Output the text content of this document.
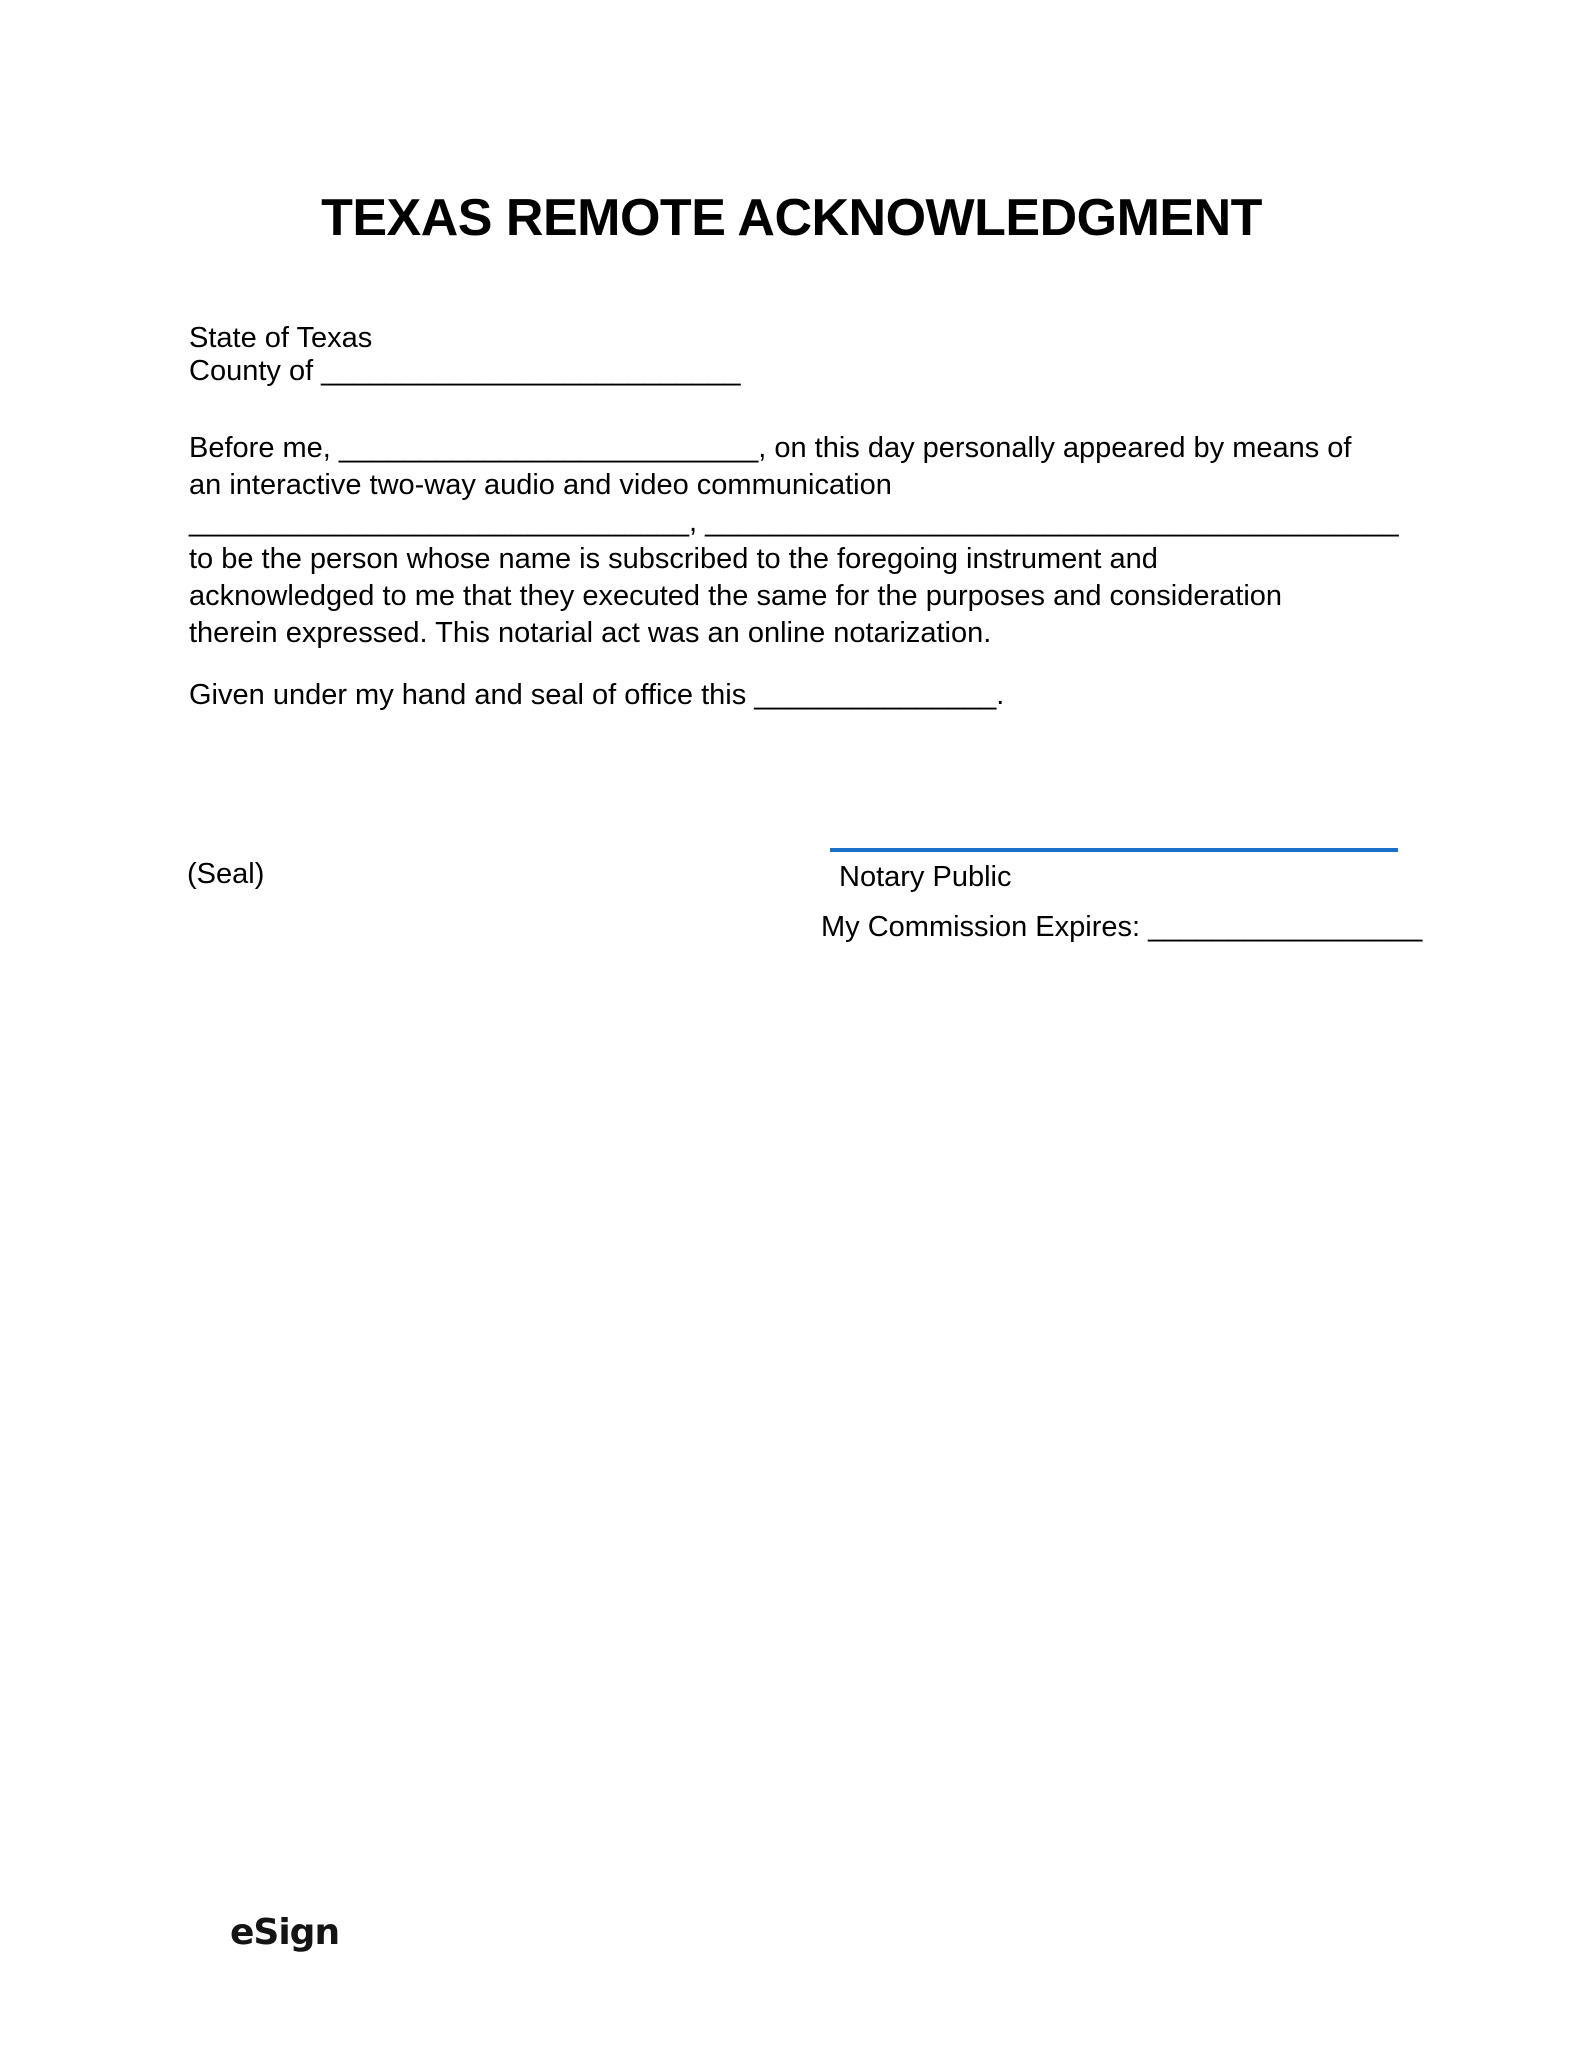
TEXAS REMOTE ACKNOWLEDGMENT
State of Texas
County of __________________________
Before me, __________________________, on this day personally appeared by means of
an interactive two-way audio and video communication
_______________________________, ___________________________________________
to be the person whose name is subscribed to the foregoing instrument and
acknowledged to me that they executed the same for the purposes and consideration
therein expressed. This notarial act was an online notarization.
Given under my hand and seal of office this _______________.
(Seal)	Notary Public
My Commission Expires: _________________
eSign
